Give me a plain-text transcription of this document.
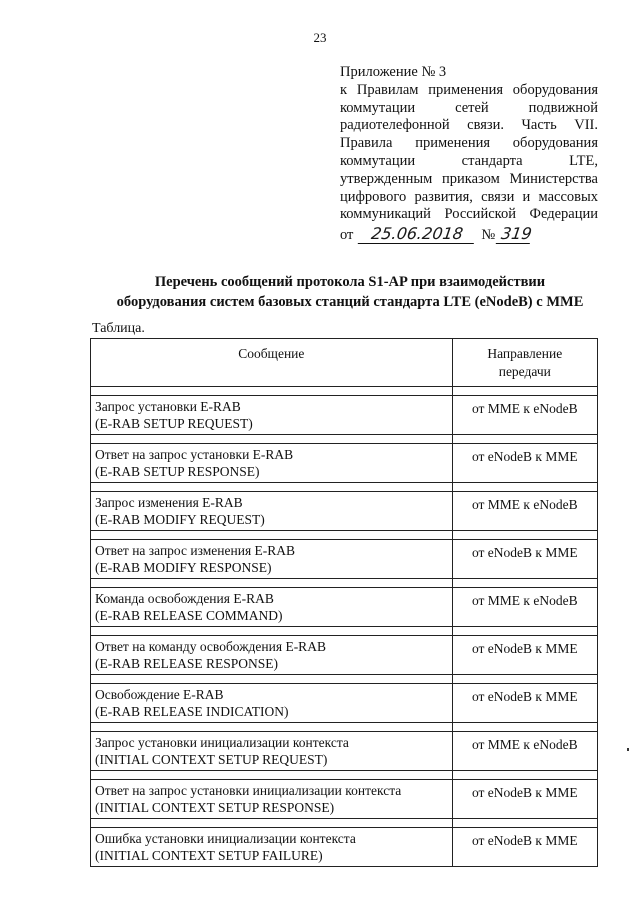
23
Приложение № 3
к Правилам применения оборудования
коммутации сетей подвижной
радиотелефонной связи. Часть VII.
Правила применения оборудования
коммутации стандарта LTE,
утвержденным приказом Министерства
цифрового развития, связи и массовых
коммуникаций Российской Федерации
от	25.06.2018	№ 319
Перечень сообщений протокола S1-AP при взаимодействии
оборудования систем базовых станций стандарта LTE (eNodeB) с MME
Таблица.
Сообщение	Направление
передачи

Запрос установки E-RAB
(E-RAB SETUP REQUEST)	от MME к eNodeB

Ответ на запрос установки E-RAB
(E-RAB SETUP RESPONSE)	от eNodeB к MME

Запрос изменения E-RAB
(E-RAB MODIFY REQUEST)	от MME к eNodeB

Ответ на запрос изменения E-RAB
(E-RAB MODIFY RESPONSE)	от eNodeB к MME

Команда освобождения E-RAB
(E-RAB RELEASE COMMAND)	от MME к eNodeB

Ответ на команду освобождения E-RAB
(E-RAB RELEASE RESPONSE)	от eNodeB к MME

Освобождение E-RAB
(E-RAB RELEASE INDICATION)	от eNodeB к MME

Запрос установки инициализации контекста
(INITIAL CONTEXT SETUP REQUEST)	от MME к eNodeB

Ответ на запрос установки инициализации контекста
(INITIAL CONTEXT SETUP RESPONSE)	от eNodeB к MME

Ошибка установки инициализации контекста
(INITIAL CONTEXT SETUP FAILURE)	от eNodeB к MME
